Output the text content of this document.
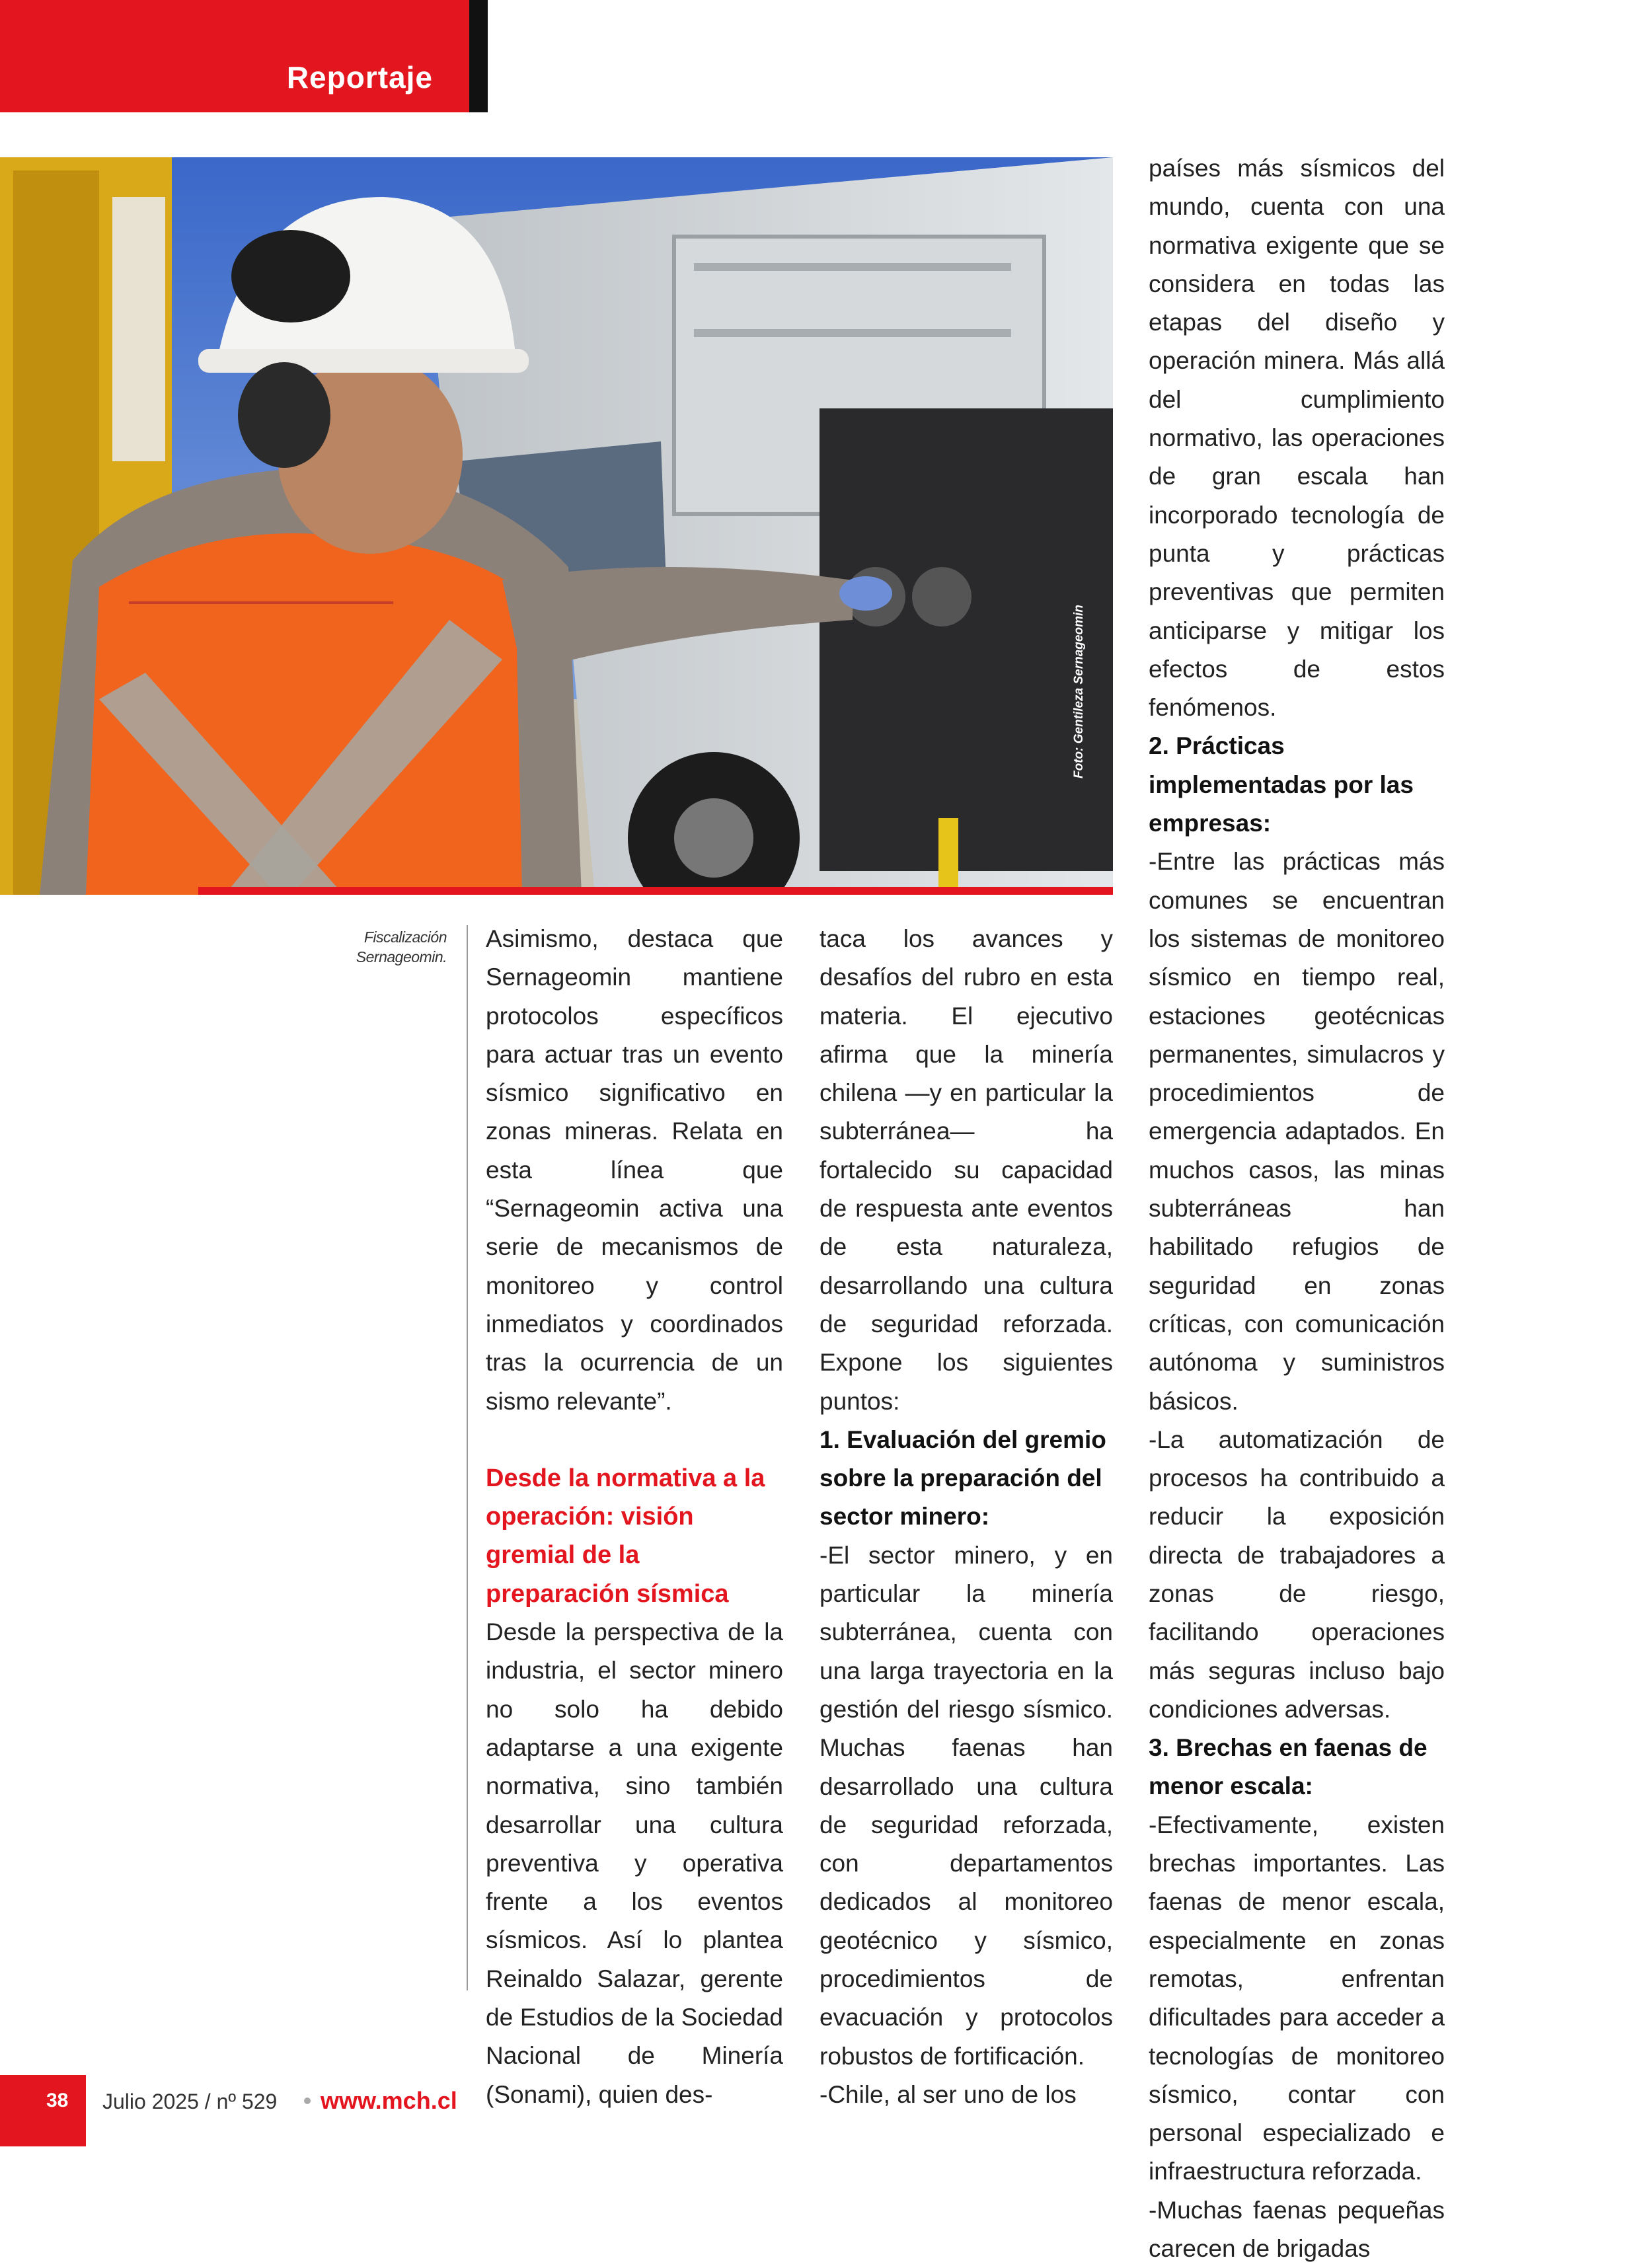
Reportaje
Foto: Gentileza Sernageomin
Fiscalización
Sernageomin.

Asimismo, destaca que Sernageomin mantiene protocolos específicos para actuar tras un evento sísmico significativo en zonas mineras. Relata en esta línea que “Sernageomin activa una serie de mecanismos de monitoreo y control inmediatos y coordinados tras la ocurrencia de un sismo relevante”.

Desde la normativa a la operación: visión gremial de la preparación sísmica

Desde la perspectiva de la industria, el sector minero no solo ha debido adaptarse a una exigente normativa, sino también desarrollar una cultura preventiva y operativa frente a los eventos sísmicos. Así lo plantea Reinaldo Salazar, gerente de Estudios de la Sociedad Nacional de Minería (Sonami), quien des-

taca los avances y desafíos del rubro en esta materia. El ejecutivo afirma que la minería chilena —y en particular la subterránea— ha fortalecido su capacidad de respuesta ante eventos de esta naturaleza, desarrollando una cultura de seguridad reforzada. Expone los siguientes puntos:

1. Evaluación del gremio sobre la preparación del sector minero:

-El sector minero, y en particular la minería subterránea, cuenta con una larga trayectoria en la gestión del riesgo sísmico. Muchas faenas han desarrollado una cultura de seguridad reforzada, con departamentos dedicados al monitoreo geotécnico y sísmico, procedimientos de evacuación y protocolos robustos de fortificación.

-Chile, al ser uno de los

países más sísmicos del mundo, cuenta con una normativa exigente que se considera en todas las etapas del diseño y operación minera. Más allá del cumplimiento normativo, las operaciones de gran escala han incorporado tecnología de punta y prácticas preventivas que permiten anticiparse y mitigar los efectos de estos fenómenos.

2. Prácticas implementadas por las empresas:

-Entre las prácticas más comunes se encuentran los sistemas de monitoreo sísmico en tiempo real, estaciones geotécnicas permanentes, simulacros y procedimientos de emergencia adaptados. En muchos casos, las minas subterráneas han habilitado refugios de seguridad en zonas críticas, con comunicación autónoma y suministros básicos.

-La automatización de procesos ha contribuido a reducir la exposición directa de trabajadores a zonas de riesgo, facilitando operaciones más seguras incluso bajo condiciones adversas.

3. Brechas en faenas de menor escala:

-Efectivamente, existen brechas importantes. Las faenas de menor escala, especialmente en zonas remotas, enfrentan dificultades para acceder a tecnologías de monitoreo sísmico, contar con personal especializado e infraestructura reforzada.

-Muchas faenas pequeñas carecen de brigadas

38	Julio 2025 / nº 529 www.mch.cl
